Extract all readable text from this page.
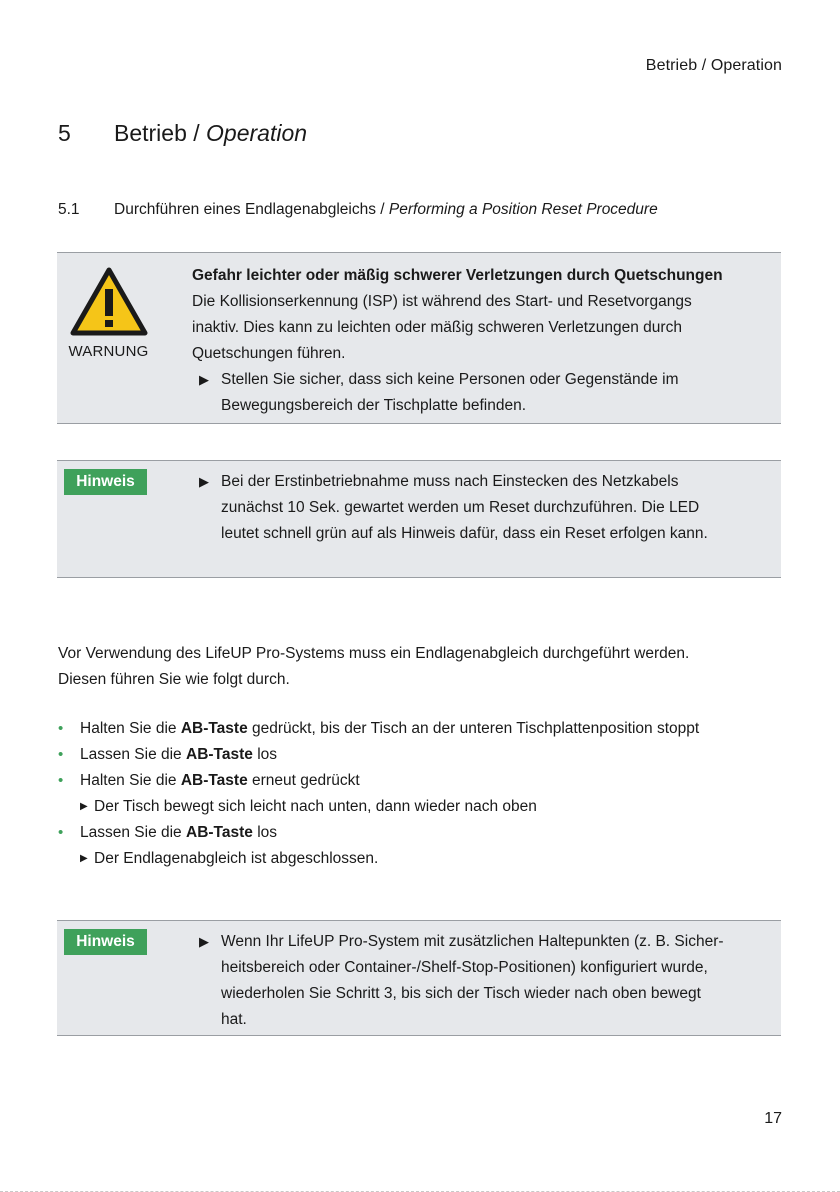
Betrieb / Operation
5 Betrieb / Operation
5.1 Durchführen eines Endlagenabgleichs / Performing a Position Reset Procedure
WARNUNG
Gefahr leichter oder mäßig schwerer Verletzungen durch Quetschungen
Die Kollisionserkennung (ISP) ist während des Start- und Resetvorgangs
inaktiv. Dies kann zu leichten oder mäßig schweren Verletzungen durch
Quetschungen führen.
▶ Stellen Sie sicher, dass sich keine Personen oder Gegenstände im
Bewegungsbereich der Tischplatte befinden.
Hinweis	▶ Bei der Erstinbetriebnahme muss nach Einstecken des Netzkabels
zunächst 10 Sek. gewartet werden um Reset durchzuführen. Die LED
leutet schnell grün auf als Hinweis dafür, dass ein Reset erfolgen kann.
Vor Verwendung des LifeUP Pro-Systems muss ein Endlagenabgleich durchgeführt werden.
Diesen führen Sie wie folgt durch.
• Halten Sie die AB-Taste gedrückt, bis der Tisch an der unteren Tischplattenposition stoppt
• Lassen Sie die AB-Taste los
• Halten Sie die AB-Taste erneut gedrückt
▶ Der Tisch bewegt sich leicht nach unten, dann wieder nach oben
• Lassen Sie die AB-Taste los
▶ Der Endlagenabgleich ist abgeschlossen.
Hinweis	▶ Wenn Ihr LifeUP Pro-System mit zusätzlichen Haltepunkten (z. B. Sicher-
heitsbereich oder Container-/Shelf-Stop-Positionen) konfiguriert wurde,
wiederholen Sie Schritt 3, bis sich der Tisch wieder nach oben bewegt
hat.
17
